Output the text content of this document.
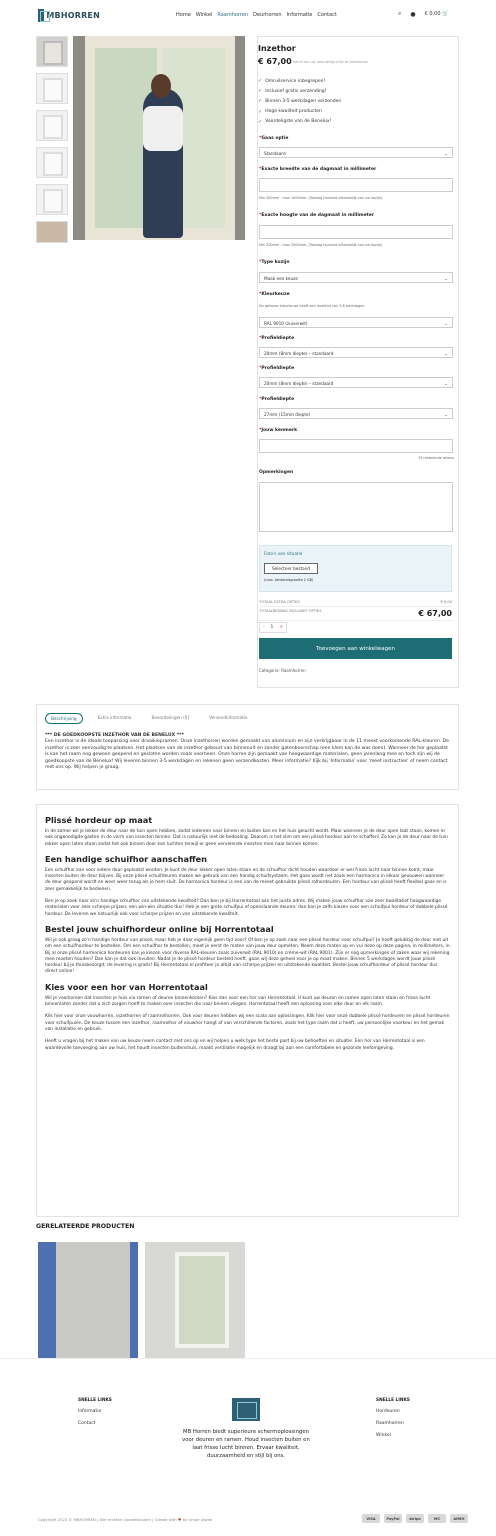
MBHORREN	Home Winkel Raamhorren Deurhorren Informatie Contact	⌕ ● € 0,00 🛒
Inzethor
€ 67,00 Vanaf om uw voordelige prijs te berekenen
✓ Omruilservice inbegrepen!
✓ Inclusief gratis verzending!
✓ Binnen 3-5 werkdagen verzonden
✓ Hoge kwaliteit producten
✓ Voordeligste van de Benelux!
*Gaas optie
Standaard	⌄
*Exacte breedte van de dagmaat in millimeter
Min 200mm - max 1000mm. (Toeslag horizont afhankelijk van uw kozijn)
*Exacte hoogte van de dagmaat in millimeter
Min 200mm - max 2000mm. (Toeslag horizont afhankelijk van uw kozijn)
*Type kozijn
Maak een keuze	⌄
*Kleurkeuze
De gekozen kleurkeuze heeft een levertijd van 3-8 werkdagen
RAL 9010 (zuiverwit)	⌄
*Profieldiepte
20mm (8mm diepte) – standaard	⌄
*Profieldiepte
20mm (8mm diepte) – standaard	⌄
*Profieldiepte
27mm (15mm diepte)	⌄
*Jouw kenmerk
15 resterende tekens
Opmerkingen
Foto's van situatie
Selecteer bestand
(max. bestandsgrootte 2 GB)
TOTAAL EXTRA OPTIES	€ 0,00
TOTAALBEDRAG INCLUSIEF OPTIES	€ 67,00
- 1 +
Toevoegen aan winkelwagen
Categorie: Raamhorren
Beschrijving	Extra informatie	Beoordelingen (0)	Verzendinformatie
*** DE GOEDKOOPSTE INZETHOR VAN DE BENELUX ***
Een inzethor is de ideale toepassing voor draaikiepramen. Onze inzethorren worden gemaakt van aluminium en zijn verkrijgbaar in de 11 meest voorkomende RAL-kleuren. De inzethor is zeer eenvoudig te plaatsen. Het plaatsen van de inzethor gebeurt van binnenuit en zonder gatenboorschap (een klem kan de was doen). Wanneer de hor geplaatst is kan het raam nog gewoon geopend en gesloten worden zoals voorheen. Onze horren zijn gemaakt van hoogwaardige materialen, geen jarenlang mee en toch zijn wij de goedkoopste van de Benelux! Wij leveren binnen 3-5 werkdagen en rekenen geen verzendkosten. Meer informatie? Kijk bij 'Informatie' voor 'meet instructies' of neem contact met ons op. Wij helpen je graag.
Plissé hordeur op maat

In de zomer wil je lekker de deur naar de tuin open hebben, zodat iedereen naar binnen en buiten kan en het huis gelucht wordt. Maar wanneer je de deur open laat staan, komen er ook ongenodigde gasten in de vorm van insecten binnen. Dat is natuurlijk niet de bedoeling. Daarom is het slim om een plissé hordeur aan te schaffen! Zo kan je de deur naar de tuin lekker open laten staan zodat het ook binnen door kan luchten terwijl er geen vervelende insecten mee naar binnen komen.

Een handige schuifhor aanschaffen

Een schuifhor kan voor iedere deur geplaatst worden. Je kunt de deur lekker open laten staan en de schuifhor dicht houden waardoor er wel frisse lucht naar binnen komt, maar insecten buiten de deur blijven. Bij onze plissé schuifdeuren maken we gebruik van een handig schuifsysteem. Het gaas wordt net zoals een harmonica in elkaar gevouwen wanneer de deur geopend wordt en weer weer terug als je hem sluit. De harmonica hordeur is een van de meest gebruikte plissé rolhordeuren. Een hordeur van plissé heeft flexibel gaas en is zeer gemakkelijk te bedienen.

Ben je op zoek naar zo'n handige schuifhor van uitstekende kwaliteit? Dan ben je bij Horrentotaal aan het juiste adres. Wij maken jouw schuifhor van zeer kwalitatief hoogwaardige materialen voor zeer scherpe prijzen; een win-win situatie dus! Heb je een grote schuifpui of openslaande deuren; dan kan je zelfs kiezen voor een schuifpui hordeur of dubbele plissé hordeur. De leveren we natuurlijk ook voor scherpe prijzen en van uitstekende kwaliteit.

Bestel jouw schuifhordeur online bij Horrentotaal

Wil je ook graag zo'n handige hordeur van plissé, maar heb je daar eigenlijk geen tijd voor? Of ben je op zoek naar een plissé hordeur voor schuifpui? Je hoeft gelukkig de deur niet uit om een schuifhordeur te bestellen. Om een schuifhor te bestellen, moet je eerst de maten van jouw deur opmeten. Neem deze maten op en vul deze op deze pagina, in millimeters, in. Bij al onze plissé harmonica hordeuren kan je kiezen voor diverse RAL-kleuren zoals zuiverwit (RAL 9010) en crème-wit (RAL 9001). Zijn er nog opmerkingen of zaken waar wij rekening mee moeten houden? Dan kan je dat ook invullen. Nadat je de plissé hordeur besteld heeft, gaan wij deze geheel voor je op maat maken. Binnen 5 werkdagen wordt jouw plissé hordeur bij je thuisbezorgd; de levering is gratis! Bij Horrentotaal.nl profiteer je altijd van scherpe prijzen en uitstekende kwaliteit. Bestel jouw schuifhordeur of plissé hordeur dus direct online!

Kies voor een hor van Horrentotaal

Wil je voorkomen dat insecten je huis via ramen of deuren binnenkomen? Kies dan voor een hor van Horrentotaal. U kunt uw deuren en ramen open laten staan en frisse lucht binnenlaten zonder dat u zich zorgen hoeft te maken over insecten die naar binnen vliegen. Horrentotaal heeft een oplossing voor elke deur en elk raam.

Klik hier voor onze vouwhorren, inzethorren of raamrolhorren. Ook voor deuren hebben wij een scala aan oplossingen. Klik hier voor onze dubbele plissé hordeuren en plissé hordeuren voor schuifpuien. De keuze tussen een inzethor, raamrolhor of vouwhor hangt af van verschillende factoren, zoals het type raam dat u heeft, uw persoonlijke voorkeur en het gemak van installatie en gebruik.

Heeft u vragen bij het maken van uw keuze neem contact met ons op en wij helpen u welk type het beste past bij uw behoeften en situatie. Een hor van Horrentotaal is een waardevolle toevoeging aan uw huis, het houdt insecten buitenshuis, maakt ventilatie mogelijk en draagt bij aan een comfortabele en gezonde leefomgeving.

GERELATEERDE PRODUCTEN
SNELLE LINKS
Informatie
Contact
MB Horren biedt superieure schermoplossingen voor deuren en ramen. Houd insecten buiten en laat frisse lucht binnen. Ervaar kwaliteit, duurzaamheid en stijl bij ons.
SNELLE LINKS
Hordeuren
Raamhorren
Winkel
Copyright 2023 © MBHORREN | Alle rechten voorbehouden | Create with ♥ by Umair Jawed	VISA	PayPal	stripe	MC	AMEX
